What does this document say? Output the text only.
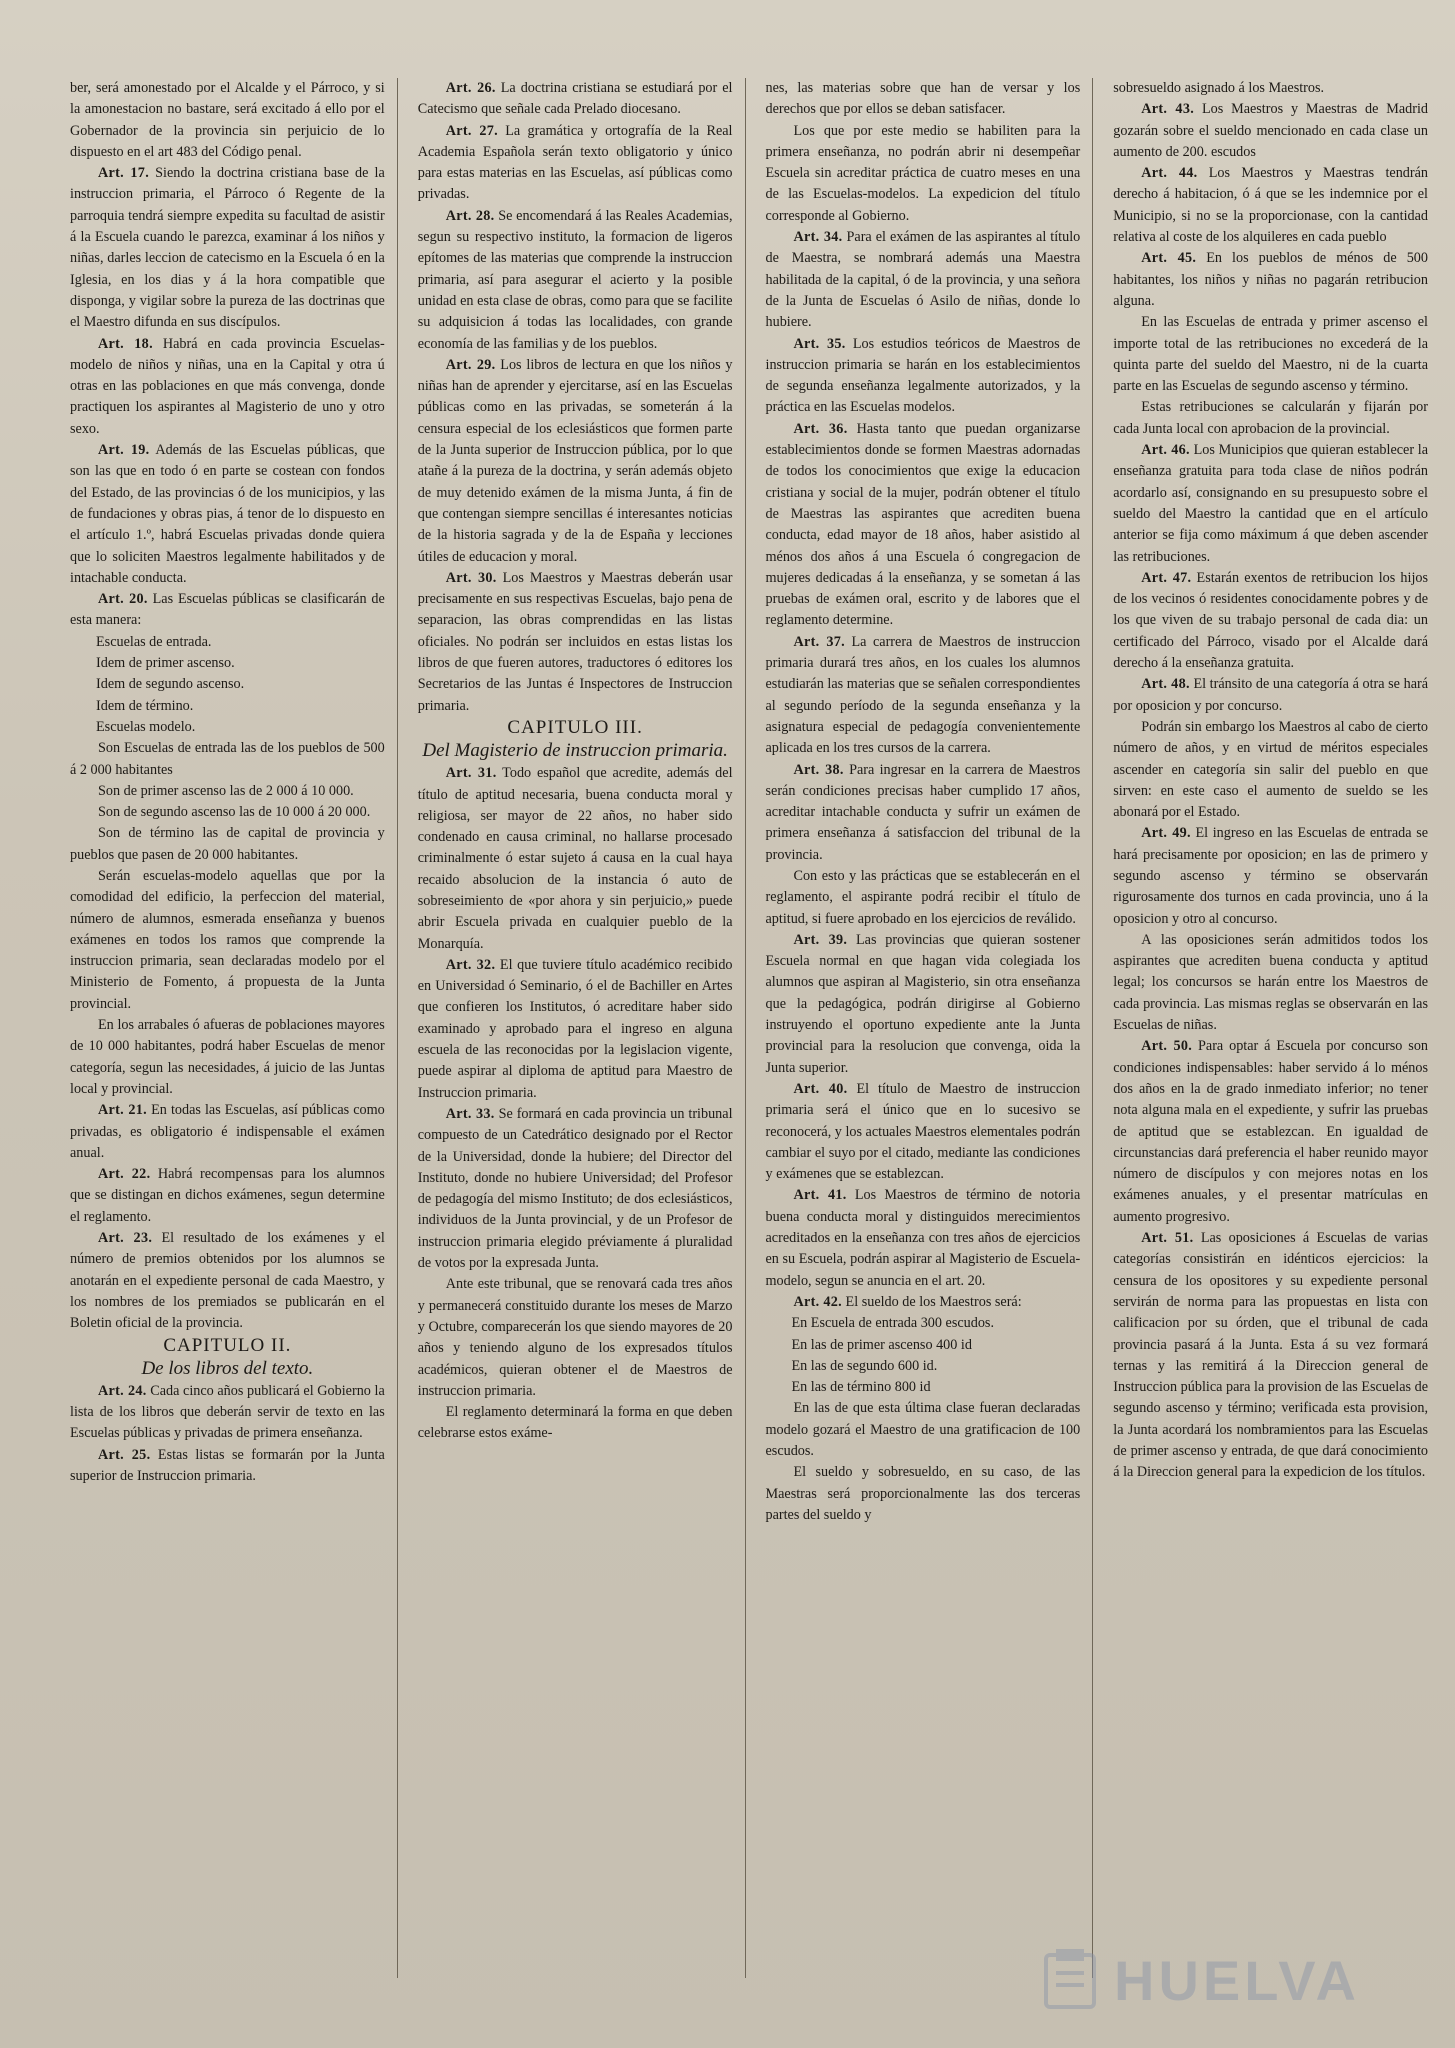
ber, será amonestado por el Alcalde y el Párroco, y si la amonestacion no bastare, será excitado á ello por el Gobernador de la provincia sin perjuicio de lo dispuesto en el art 483 del Código penal.

Art. 17. Siendo la doctrina cristiana base de la instruccion primaria, el Párroco ó Regente de la parroquia tendrá siempre expedita su facultad de asistir á la Escuela cuando le parezca, examinar á los niños y niñas, darles leccion de catecismo en la Escuela ó en la Iglesia, en los dias y á la hora compatible que disponga, y vigilar sobre la pureza de las doctrinas que el Maestro difunda en sus discípulos.

Art. 18. Habrá en cada provincia Escuelas-modelo de niños y niñas, una en la Capital y otra ú otras en las poblaciones en que más convenga, donde practiquen los aspirantes al Magisterio de uno y otro sexo.

Art. 19. Además de las Escuelas públicas, que son las que en todo ó en parte se costean con fondos del Estado, de las provincias ó de los municipios, y las de fundaciones y obras pias, á tenor de lo dispuesto en el artículo 1.º, habrá Escuelas privadas donde quiera que lo soliciten Maestros legalmente habilitados y de intachable conducta.

Art. 20. Las Escuelas públicas se clasificarán de esta manera:

Escuelas de entrada.

Idem de primer ascenso.

Idem de segundo ascenso.

Idem de término.

Escuelas modelo.

Son Escuelas de entrada las de los pueblos de 500 á 2 000 habitantes

Son de primer ascenso las de 2 000 á 10 000.

Son de segundo ascenso las de 10 000 á 20 000.

Son de término las de capital de provincia y pueblos que pasen de 20 000 habitantes.

Serán escuelas-modelo aquellas que por la comodidad del edificio, la perfeccion del material, número de alumnos, esmerada enseñanza y buenos exámenes en todos los ramos que comprende la instruccion primaria, sean declaradas modelo por el Ministerio de Fomento, á propuesta de la Junta provincial.

En los arrabales ó afueras de poblaciones mayores de 10 000 habitantes, podrá haber Escuelas de menor categoría, segun las necesidades, á juicio de las Juntas local y provincial.

Art. 21. En todas las Escuelas, así públicas como privadas, es obligatorio é indispensable el exámen anual.

Art. 22. Habrá recompensas para los alumnos que se distingan en dichos exámenes, segun determine el reglamento.

Art. 23. El resultado de los exámenes y el número de premios obtenidos por los alumnos se anotarán en el expediente personal de cada Maestro, y los nombres de los premiados se publicarán en el Boletin oficial de la provincia.

CAPITULO II.

De los libros del texto.

Art. 24. Cada cinco años publicará el Gobierno la lista de los libros que deberán servir de texto en las Escuelas públicas y privadas de primera enseñanza.

Art. 25. Estas listas se formarán por la Junta superior de Instruccion primaria.

Art. 26. La doctrina cristiana se estudiará por el Catecismo que señale cada Prelado diocesano.

Art. 27. La gramática y ortografía de la Real Academia Española serán texto obligatorio y único para estas materias en las Escuelas, así públicas como privadas.

Art. 28. Se encomendará á las Reales Academias, segun su respectivo instituto, la formacion de ligeros epítomes de las materias que comprende la instruccion primaria, así para asegurar el acierto y la posible unidad en esta clase de obras, como para que se facilite su adquisicion á todas las localidades, con grande economía de las familias y de los pueblos.

Art. 29. Los libros de lectura en que los niños y niñas han de aprender y ejercitarse, así en las Escuelas públicas como en las privadas, se someterán á la censura especial de los eclesiásticos que formen parte de la Junta superior de Instruccion pública, por lo que atañe á la pureza de la doctrina, y serán además objeto de muy detenido exámen de la misma Junta, á fin de que contengan siempre sencillas é interesantes noticias de la historia sagrada y de la de España y lecciones útiles de educacion y moral.

Art. 30. Los Maestros y Maestras deberán usar precisamente en sus respectivas Escuelas, bajo pena de separacion, las obras comprendidas en las listas oficiales. No podrán ser incluidos en estas listas los libros de que fueren autores, traductores ó editores los Secretarios de las Juntas é Inspectores de Instruccion primaria.

CAPITULO III.

Del Magisterio de instruccion primaria.

Art. 31. Todo español que acredite, además del título de aptitud necesaria, buena conducta moral y religiosa, ser mayor de 22 años, no haber sido condenado en causa criminal, no hallarse procesado criminalmente ó estar sujeto á causa en la cual haya recaido absolucion de la instancia ó auto de sobreseimiento de «por ahora y sin perjuicio,» puede abrir Escuela privada en cualquier pueblo de la Monarquía.

Art. 32. El que tuviere título académico recibido en Universidad ó Seminario, ó el de Bachiller en Artes que confieren los Institutos, ó acreditare haber sido examinado y aprobado para el ingreso en alguna escuela de las reconocidas por la legislacion vigente, puede aspirar al diploma de aptitud para Maestro de Instruccion primaria.

Art. 33. Se formará en cada provincia un tribunal compuesto de un Catedrático designado por el Rector de la Universidad, donde la hubiere; del Director del Instituto, donde no hubiere Universidad; del Profesor de pedagogía del mismo Instituto; de dos eclesiásticos, individuos de la Junta provincial, y de un Profesor de instruccion primaria elegido préviamente á pluralidad de votos por la expresada Junta.

Ante este tribunal, que se renovará cada tres años y permanecerá constituido durante los meses de Marzo y Octubre, comparecerán los que siendo mayores de 20 años y teniendo alguno de los expresados títulos académicos, quieran obtener el de Maestros de instruccion primaria.

El reglamento determinará la forma en que deben celebrarse estos exáme-

nes, las materias sobre que han de versar y los derechos que por ellos se deban satisfacer.

Los que por este medio se habiliten para la primera enseñanza, no podrán abrir ni desempeñar Escuela sin acreditar práctica de cuatro meses en una de las Escuelas-modelos. La expedicion del título corresponde al Gobierno.

Art. 34. Para el exámen de las aspirantes al título de Maestra, se nombrará además una Maestra habilitada de la capital, ó de la provincia, y una señora de la Junta de Escuelas ó Asilo de niñas, donde lo hubiere.

Art. 35. Los estudios teóricos de Maestros de instruccion primaria se harán en los establecimientos de segunda enseñanza legalmente autorizados, y la práctica en las Escuelas modelos.

Art. 36. Hasta tanto que puedan organizarse establecimientos donde se formen Maestras adornadas de todos los conocimientos que exige la educacion cristiana y social de la mujer, podrán obtener el título de Maestras las aspirantes que acrediten buena conducta, edad mayor de 18 años, haber asistido al ménos dos años á una Escuela ó congregacion de mujeres dedicadas á la enseñanza, y se sometan á las pruebas de exámen oral, escrito y de labores que el reglamento determine.

Art. 37. La carrera de Maestros de instruccion primaria durará tres años, en los cuales los alumnos estudiarán las materias que se señalen correspondientes al segundo período de la segunda enseñanza y la asignatura especial de pedagogía convenientemente aplicada en los tres cursos de la carrera.

Art. 38. Para ingresar en la carrera de Maestros serán condiciones precisas haber cumplido 17 años, acreditar intachable conducta y sufrir un exámen de primera enseñanza á satisfaccion del tribunal de la provincia.

Con esto y las prácticas que se establecerán en el reglamento, el aspirante podrá recibir el título de aptitud, si fuere aprobado en los ejercicios de reválido.

Art. 39. Las provincias que quieran sostener Escuela normal en que hagan vida colegiada los alumnos que aspiran al Magisterio, sin otra enseñanza que la pedagógica, podrán dirigirse al Gobierno instruyendo el oportuno expediente ante la Junta provincial para la resolucion que convenga, oida la Junta superior.

Art. 40. El título de Maestro de instruccion primaria será el único que en lo sucesivo se reconocerá, y los actuales Maestros elementales podrán cambiar el suyo por el citado, mediante las condiciones y exámenes que se establezcan.

Art. 41. Los Maestros de término de notoria buena conducta moral y distinguidos merecimientos acreditados en la enseñanza con tres años de ejercicios en su Escuela, podrán aspirar al Magisterio de Escuela-modelo, segun se anuncia en el art. 20.

Art. 42. El sueldo de los Maestros será:

En Escuela de entrada 300 escudos.

En las de primer ascenso 400 id

En las de segundo 600 id.

En las de término 800 id

En las de que esta última clase fueran declaradas modelo gozará el Maestro de una gratificacion de 100 escudos.

El sueldo y sobresueldo, en su caso, de las Maestras será proporcionalmente las dos terceras partes del sueldo y

sobresueldo asignado á los Maestros.

Art. 43. Los Maestros y Maestras de Madrid gozarán sobre el sueldo mencionado en cada clase un aumento de 200. escudos

Art. 44. Los Maestros y Maestras tendrán derecho á habitacion, ó á que se les indemnice por el Municipio, si no se la proporcionase, con la cantidad relativa al coste de los alquileres en cada pueblo

Art. 45. En los pueblos de ménos de 500 habitantes, los niños y niñas no pagarán retribucion alguna.

En las Escuelas de entrada y primer ascenso el importe total de las retribuciones no excederá de la quinta parte del sueldo del Maestro, ni de la cuarta parte en las Escuelas de segundo ascenso y término.

Estas retribuciones se calcularán y fijarán por cada Junta local con aprobacion de la provincial.

Art. 46. Los Municipios que quieran establecer la enseñanza gratuita para toda clase de niños podrán acordarlo así, consignando en su presupuesto sobre el sueldo del Maestro la cantidad que en el artículo anterior se fija como máximum á que deben ascender las retribuciones.

Art. 47. Estarán exentos de retribucion los hijos de los vecinos ó residentes conocidamente pobres y de los que viven de su trabajo personal de cada dia: un certificado del Párroco, visado por el Alcalde dará derecho á la enseñanza gratuita.

Art. 48. El tránsito de una categoría á otra se hará por oposicion y por concurso.

Podrán sin embargo los Maestros al cabo de cierto número de años, y en virtud de méritos especiales ascender en categoría sin salir del pueblo en que sirven: en este caso el aumento de sueldo se les abonará por el Estado.

Art. 49. El ingreso en las Escuelas de entrada se hará precisamente por oposicion; en las de primero y segundo ascenso y término se observarán rigurosamente dos turnos en cada provincia, uno á la oposicion y otro al concurso.

A las oposiciones serán admitidos todos los aspirantes que acrediten buena conducta y aptitud legal; los concursos se harán entre los Maestros de cada provincia. Las mismas reglas se observarán en las Escuelas de niñas.

Art. 50. Para optar á Escuela por concurso son condiciones indispensables: haber servido á lo ménos dos años en la de grado inmediato inferior; no tener nota alguna mala en el expediente, y sufrir las pruebas de aptitud que se establezcan. En igualdad de circunstancias dará preferencia el haber reunido mayor número de discípulos y con mejores notas en los exámenes anuales, y el presentar matrículas en aumento progresivo.

Art. 51. Las oposiciones á Escuelas de varias categorías consistirán en idénticos ejercicios: la censura de los opositores y su expediente personal servirán de norma para las propuestas en lista con calificacion por su órden, que el tribunal de cada provincia pasará á la Junta. Esta á su vez formará ternas y las remitirá á la Direccion general de Instruccion pública para la provision de las Escuelas de segundo ascenso y término; verificada esta provision, la Junta acordará los nombramientos para las Escuelas de primer ascenso y entrada, de que dará conocimiento á la Direccion general para la expedicion de los títulos.

HUELVA
